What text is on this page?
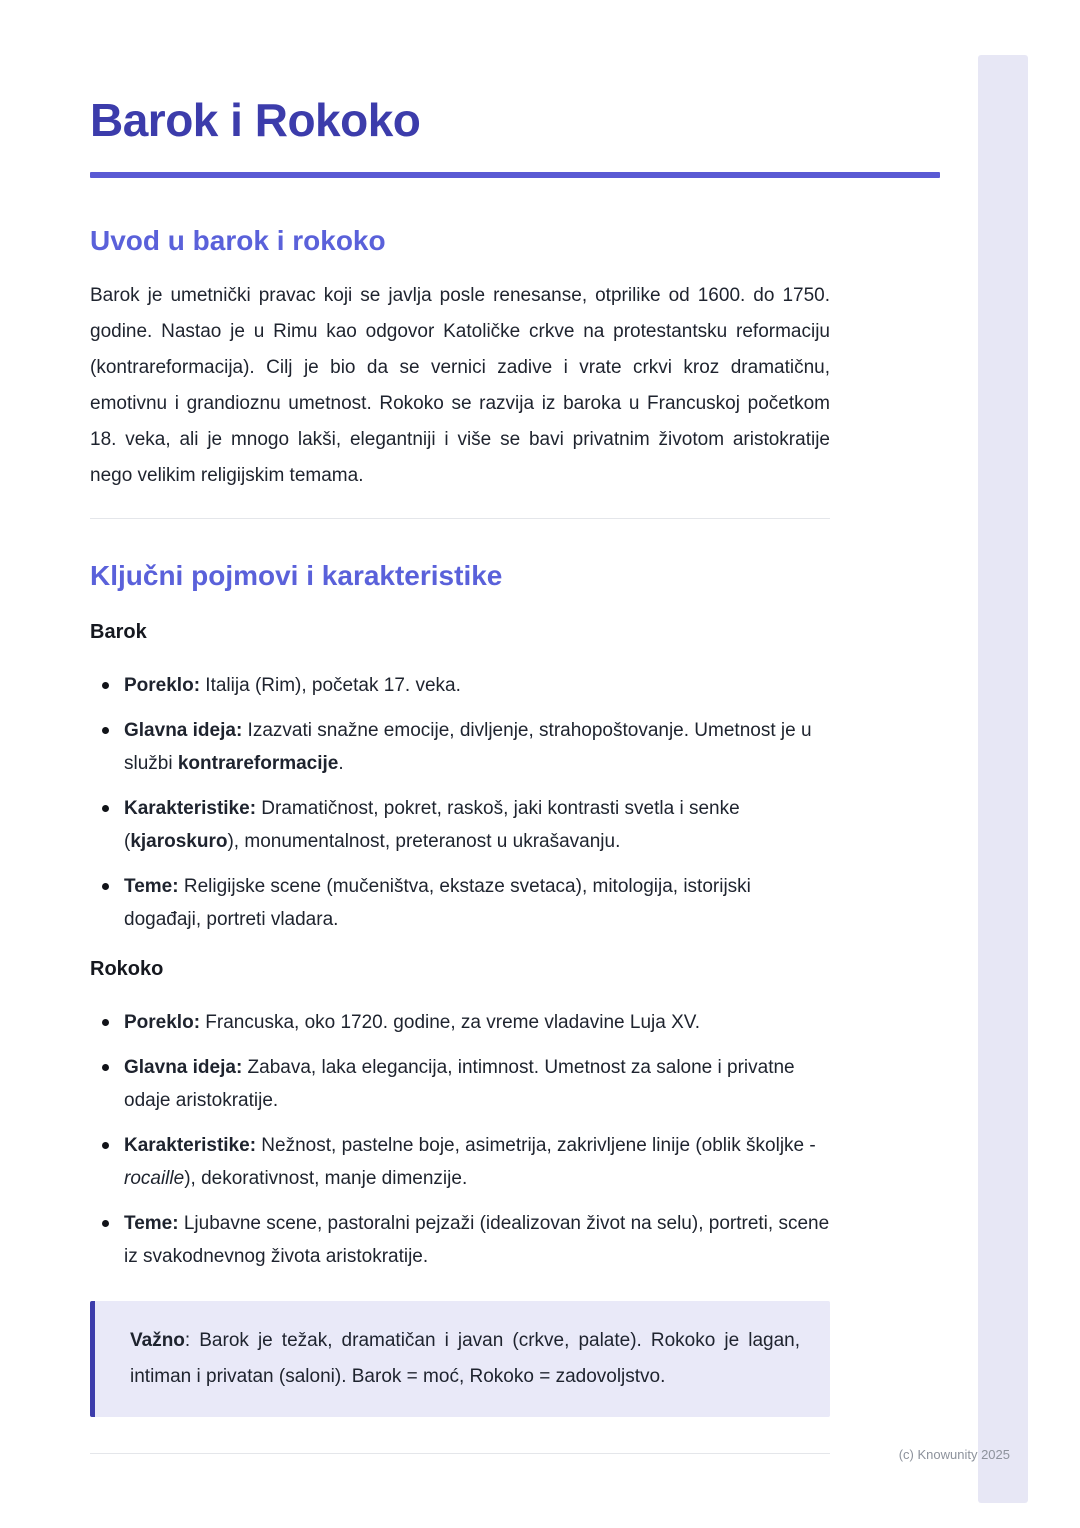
Barok i Rokoko
Uvod u barok i rokoko

Barok je umetnički pravac koji se javlja posle renesanse, otprilike od 1600. do 1750. godine. Nastao je u Rimu kao odgovor Katoličke crkve na protestantsku reformaciju (kontrareformacija). Cilj je bio da se vernici zadive i vrate crkvi kroz dramatičnu, emotivnu i grandioznu umetnost. Rokoko se razvija iz baroka u Francuskoj početkom 18. veka, ali je mnogo lakši, elegantniji i više se bavi privatnim životom aristokratije nego velikim religijskim temama.

Ključni pojmovi i karakteristike
Barok
Poreklo: Italija (Rim), početak 17. veka.
Glavna ideja: Izazvati snažne emocije, divljenje, strahopoštovanje. Umetnost je u službi kontrareformacije.
Karakteristike: Dramatičnost, pokret, raskoš, jaki kontrasti svetla i senke (kjaroskuro), monumentalnost, preteranost u ukrašavanju.
Teme: Religijske scene (mučeništva, ekstaze svetaca), mitologija, istorijski događaji, portreti vladara.
Rokoko
Poreklo: Francuska, oko 1720. godine, za vreme vladavine Luja XV.
Glavna ideja: Zabava, laka elegancija, intimnost. Umetnost za salone i privatne odaje aristokratije.
Karakteristike: Nežnost, pastelne boje, asimetrija, zakrivljene linije (oblik školjke - rocaille), dekorativnost, manje dimenzije.
Teme: Ljubavne scene, pastoralni pejzaži (idealizovan život na selu), portreti, scene iz svakodnevnog života aristokratije.

Važno: Barok je težak, dramatičan i javan (crkve, palate). Rokoko je lagan, intiman i privatan (saloni). Barok = moć, Rokoko = zadovoljstvo.

(c) Knowunity 2025
